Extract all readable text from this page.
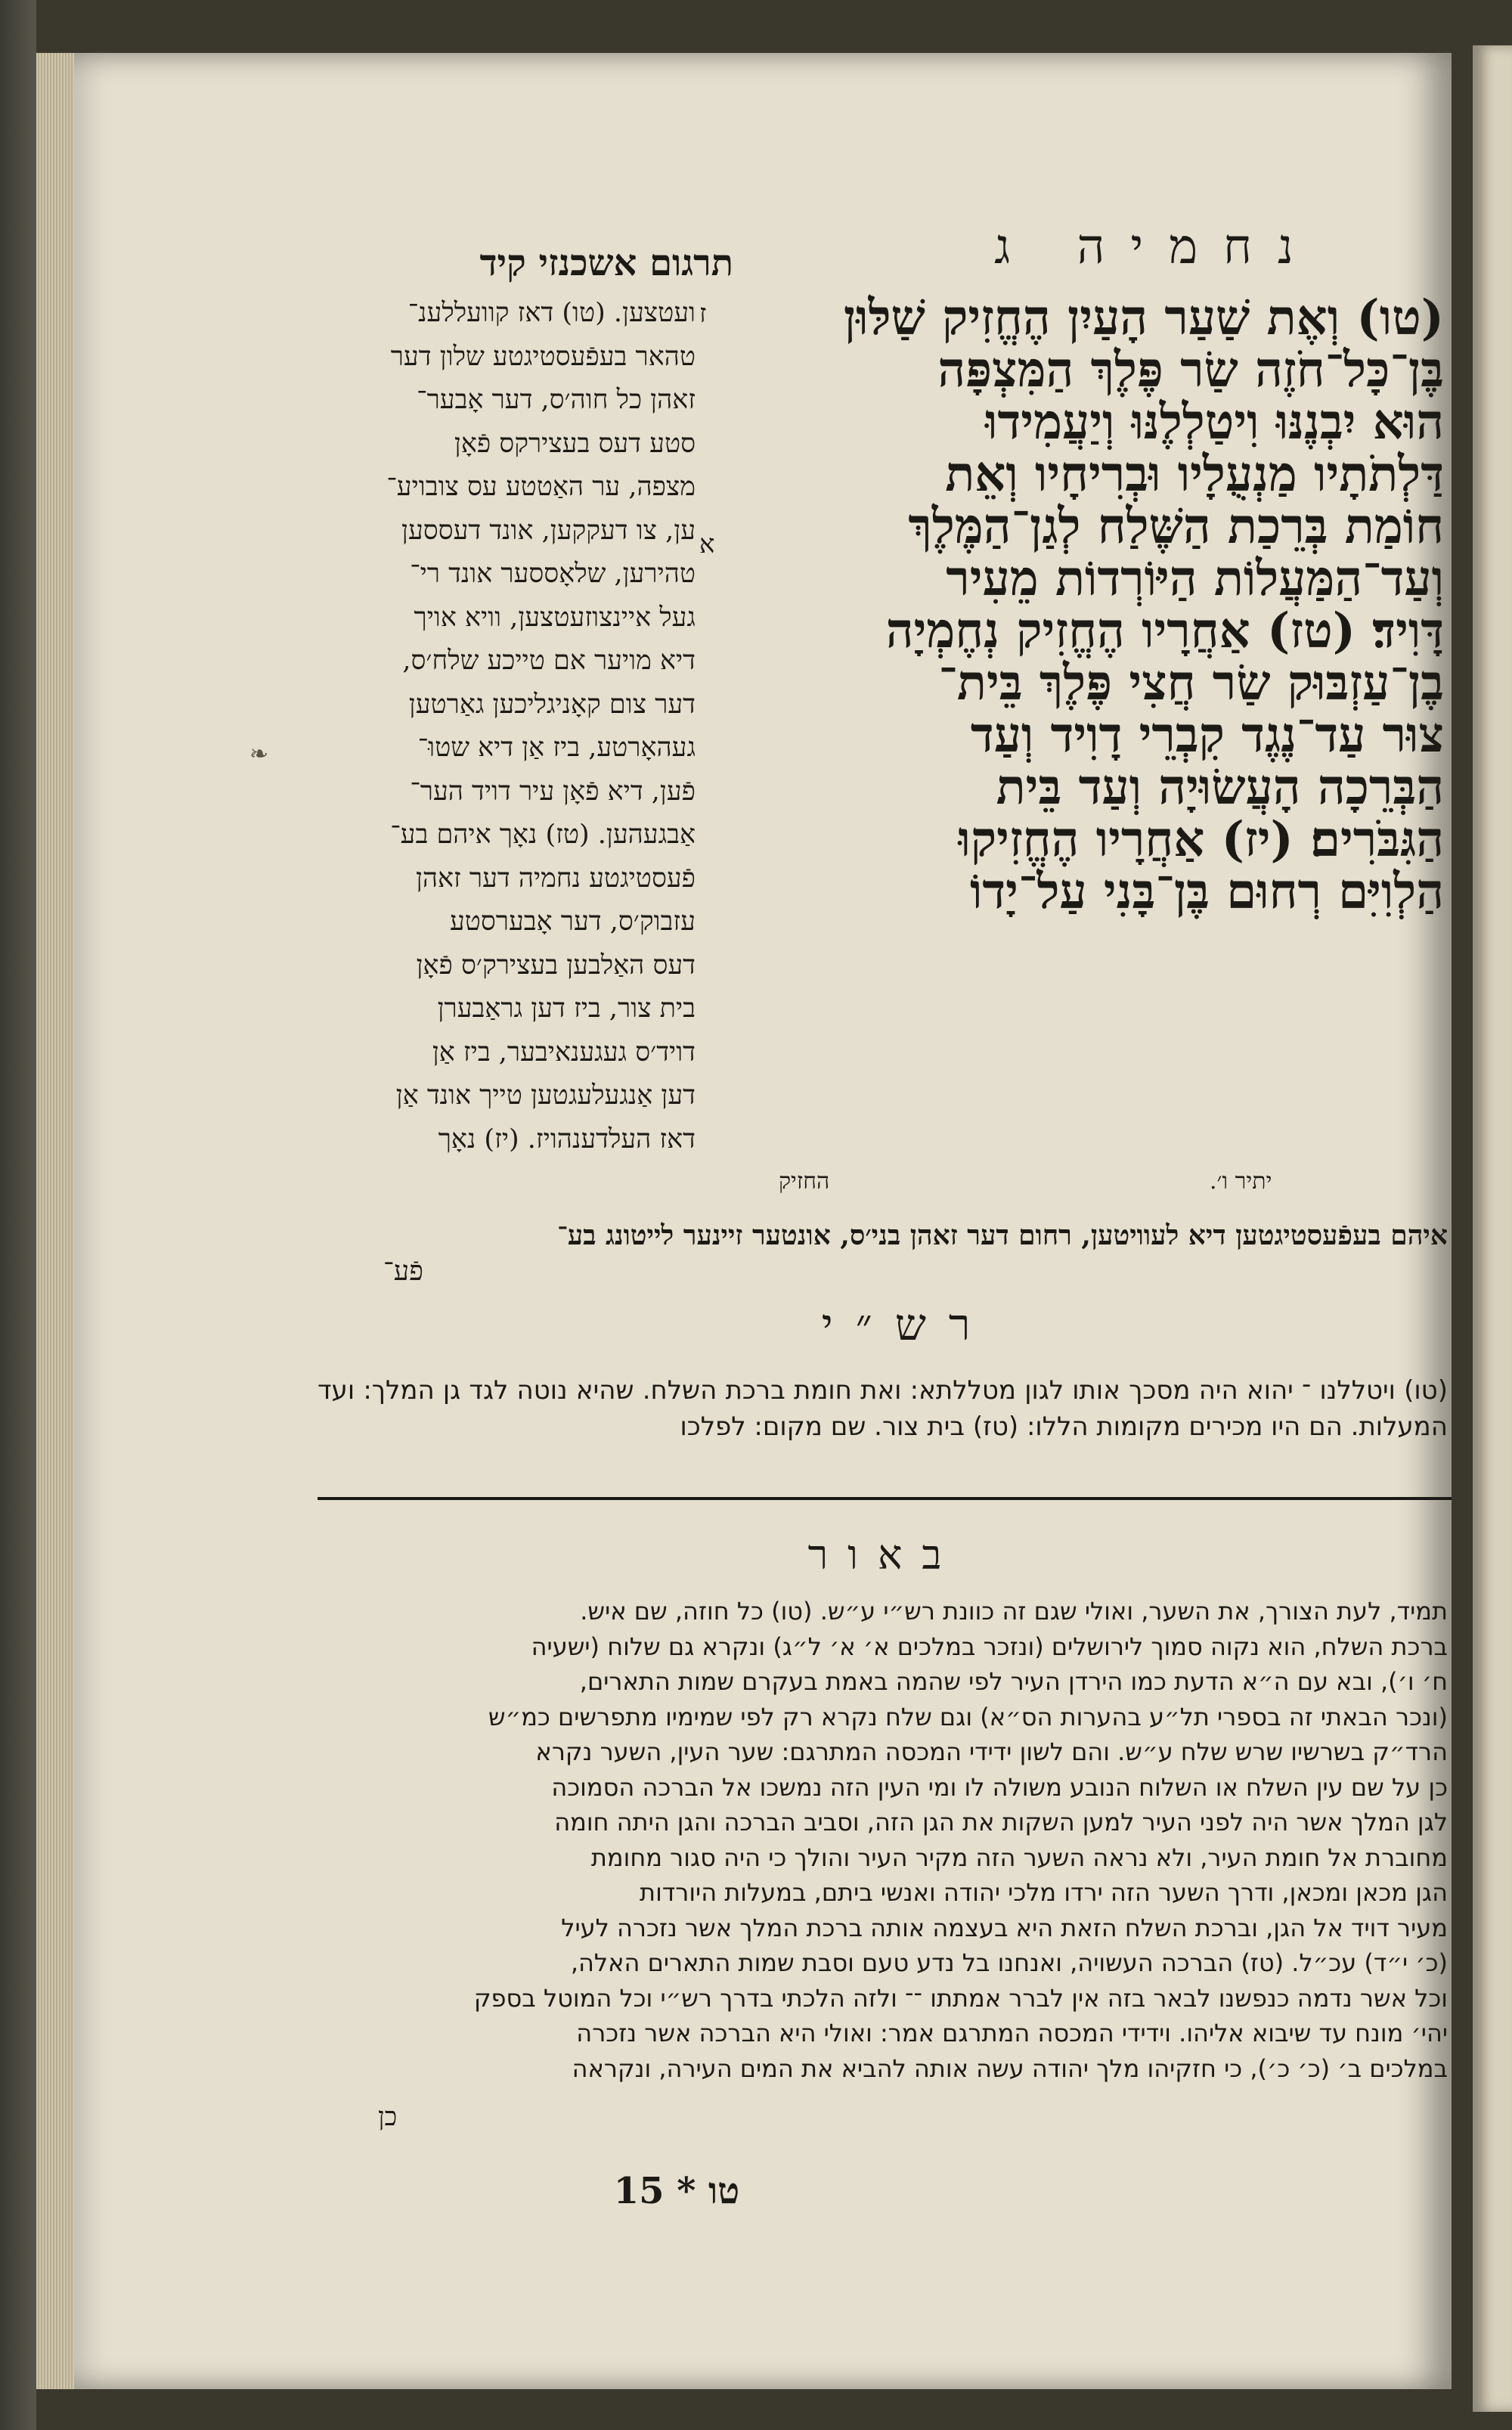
נחמיה ג
תרגום אשכנזי קיד

(טו) וְאֶת שַׁעַר הָעַיִן הֶחֱזִיק שַׁלּוּן

בֶּן־כָּל־חֹזֶה שַׂר פֶּלֶךְ הַמִּצְפָּה

הוּא יִבְנֶנּוּ וִיטַלְלֶנּוּ וְיַעֲמִידוּ

דַּלְתֹתָיו מַנְעֻלָיו וּבְרִיחָיו וְאֵת

חוֹמַת בְּרֵכַת הַשֶּׁלַח לְגַן־הַמֶּלֶךְ

וְעַד־הַמַּעֲלוֹת הַיּוֹרְדוֹת מֵעִיר

דָּוִיד׃ (טז) אַחֲרָיו הֶחֱזִיק נְחֶמְיָה

בֶן־עַזְבּוּק שַׂר חֲצִי פֶּלֶךְ בֵּית־

צוּר עַד־נֶגֶד קִבְרֵי דָוִיד וְעַד

הַבְּרֵכָה הָעֲשׂוּיָה וְעַד בֵּית

הַגִּבֹּרִים׃ (יז) אַחֲרָיו הֶחֱזִיקוּ

הַלְוִיִּם רְחוּם בֶּן־בָּנִי עַל־יָדוֹ

יתיר ו׳.
החזיק
ז
א
❧

ועטצען. (טו) דאז קוועללענ־

טהאר בעפֿעסטיגטע שלון דער

זאהן כל חוה׳ס, דער אָבער־

סטע דעס בעצירקס פֿאָן

מצפה, ער האַטטע עס צובויע־

ען, צו דעקקען, אונד דעססען

טהירען, שלאָססער אונד רי־

געל איינצוזעטצען, וויא אויך

דיא מויער אם טייכע שלח׳ס,

דער צום קאָניגליכען גאַרטען

געהאָרטע, ביז אַן דיא שטוּ־

פֿען, דיא פֿאָן עיר דויד הער־

אַבגעהען. (טז) נאָך איהם בע־

פֿעסטיגטע נחמיה דער זאהן

עזבוק׳ס, דער אָבערסטע

דעס האַלבען בעצירק׳ס פֿאָן

בית צור, ביז דען גראַבערן

דויד׳ס געגענאיבער, ביז אַן

דען אַנגעלעגטען טייך אונד אַן

דאז העלדענהויז. (יז) נאָך

איהם בעפֿעסטיגטען דיא לעוויטען, רחום דער זאהן בני׳ס, אונטער זיינער לייטונג בע־
פֿע־
רש״י
(טו) ויטללנו ־ יהוא היה מסכך אותו לגון מטללתא: ואת חומת ברכת השלח. שהיא נוטה לגד גן המלך: ועד המעלות. הם היו מכירים מקומות הללו: (טז) בית צור. שם מקום: לפלכו
באור

תמיד, לעת הצורך, את השער, ואולי שגם זה כוונת רש״י ע״ש. (טו) כל חוזה, שם איש.

ברכת השלח, הוא נקוה סמוך לירושלים (ונזכר במלכים א׳ א׳ ל״ג) ונקרא גם שלוח (ישעיה

ח׳ ו׳), ובא עם ה״א הדעת כמו הירדן העיר לפי שהמה באמת בעקרם שמות התארים,

(ונכר הבאתי זה בספרי תל״ע בהערות הס״א) וגם שלח נקרא רק לפי שמימיו מתפרשים כמ״ש

הרד״ק בשרשיו שרש שלח ע״ש. והם לשון ידידי המכסה המתרגם: שער העין, השער נקרא

כן על שם עין השלח או השלוח הנובע משולה לו ומי העין הזה נמשכו אל הברכה הסמוכה

לגן המלך אשר היה לפני העיר למען השקות את הגן הזה, וסביב הברכה והגן היתה חומה

מחוברת אל חומת העיר, ולא נראה השער הזה מקיר העיר והולך כי היה סגור מחומת

הגן מכאן ומכאן, ודרך השער הזה ירדו מלכי יהודה ואנשי ביתם, במעלות היורדות

מעיר דויד אל הגן, וברכת השלח הזאת היא בעצמה אותה ברכת המלך אשר נזכרה לעיל

(כ׳ י״ד) עכ״ל. (טז) הברכה העשויה, ואנחנו בל נדע טעם וסבת שמות התארים האלה,

וכל אשר נדמה כנפשנו לבאר בזה אין לברר אמתתו ־־ ולזה הלכתי בדרך רש״י וכל המוטל בספק

יהי׳ מונח עד שיבוא אליהו. וידידי המכסה המתרגם אמר: ואולי היא הברכה אשר נזכרה

במלכים ב׳ (כ׳ כ׳), כי חזקיהו מלך יהודה עשה אותה להביא את המים העירה, ונקראה

כן
טו * 15
